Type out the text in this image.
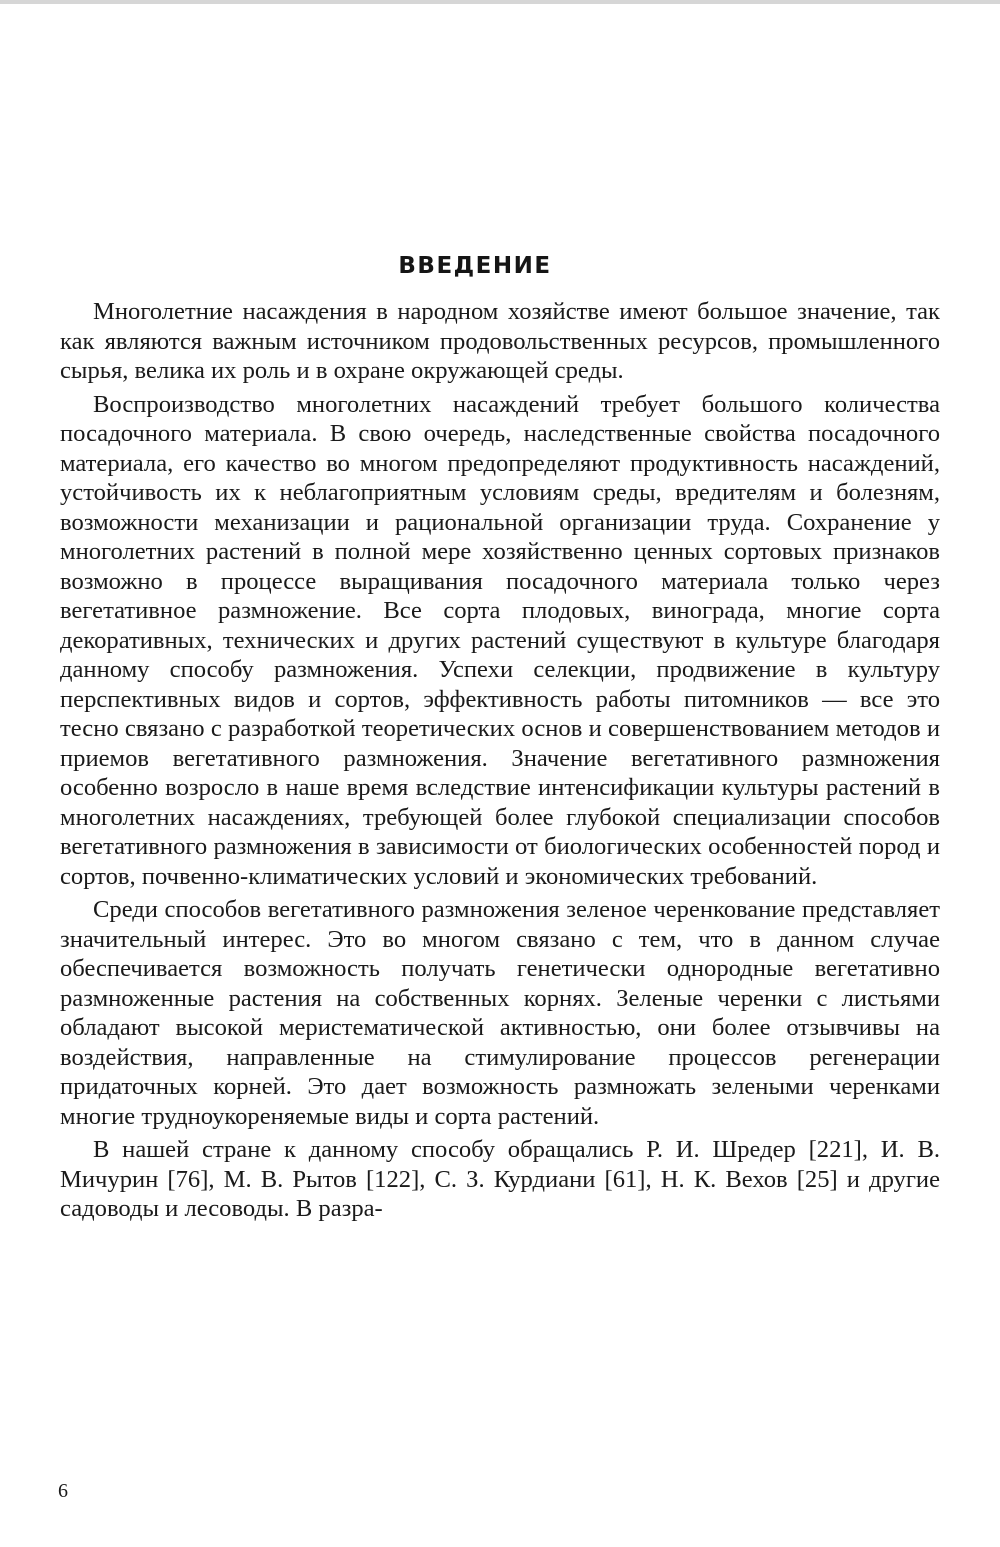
ВВЕДЕНИЕ

Многолетние насаждения в народном хозяйстве имеют большое значение, так как являются важным источником продовольственных ресурсов, промышленного сырья, велика их роль и в охране окружающей среды.

Воспроизводство многолетних насаждений требует большого количества посадочного материала. В свою очередь, наследственные свойства посадочного материала, его качество во многом предопределяют продуктивность насаждений, устойчивость их к неблагоприятным условиям среды, вредителям и болезням, возможности механизации и рациональной организации труда. Сохранение у многолетних растений в полной мере хозяйственно ценных сортовых признаков возможно в процессе выращивания посадочного материала только через вегетативное размножение. Все сорта плодовых, винограда, многие сорта декоративных, технических и других растений существуют в культуре благодаря данному способу размножения. Успехи селекции, продвижение в культуру перспективных видов и сортов, эффективность работы питомников — все это тесно связано с разработкой теоретических основ и совершенствованием методов и приемов вегетативного размножения. Значение вегетативного размножения особенно возросло в наше время вследствие интенсификации культуры растений в многолетних насаждениях, требующей более глубокой специализации способов вегетативного размножения в зависимости от биологических особенностей пород и сортов, почвенно-климатических условий и экономических требований.

Среди способов вегетативного размножения зеленое черенкование представляет значительный интерес. Это во многом связано с тем, что в данном случае обеспечивается возможность получать генетически однородные вегетативно размноженные растения на собственных корнях. Зеленые черенки с листьями обладают высокой меристематической активностью, они более отзывчивы на воздействия, направленные на стимулирование процессов регенерации придаточных корней. Это дает возможность размножать зелеными черенками многие трудноукореняемые виды и сорта растений.

В нашей стране к данному способу обращались Р. И. Шредер [221], И. В. Мичурин [76], М. В. Рытов [122], С. З. Курдиани [61], Н. К. Вехов [25] и другие садоводы и лесоводы. В разра-

6
